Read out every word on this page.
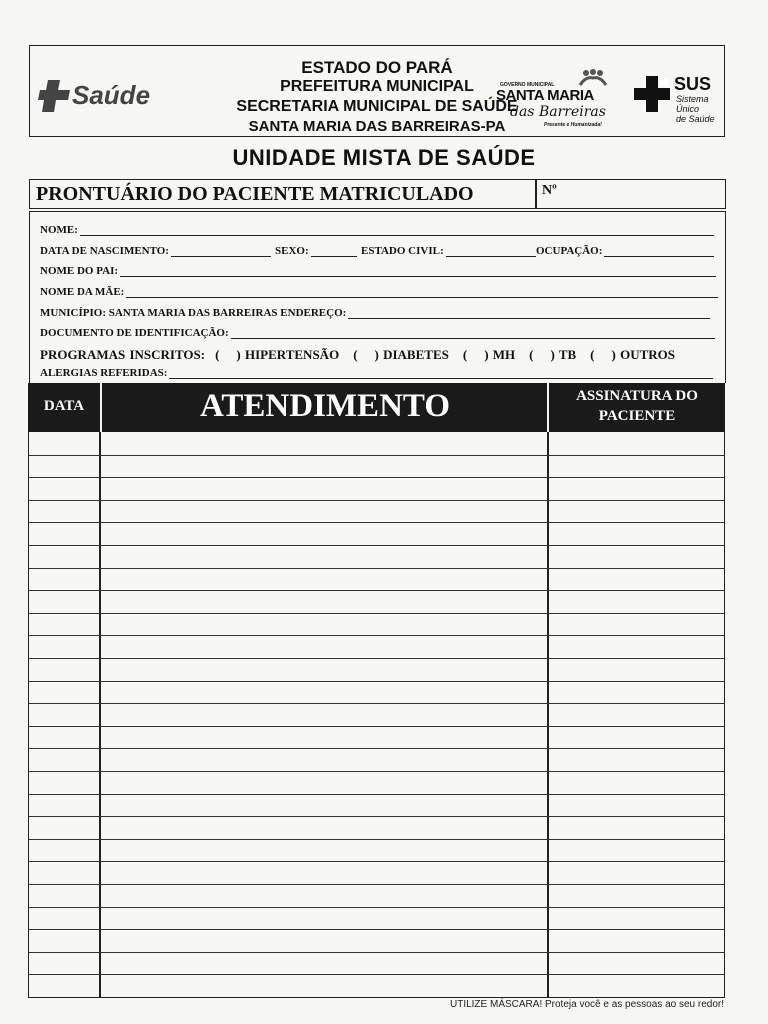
Saúde
ESTADO DO PARÁ
PREFEITURA MUNICIPAL
SECRETARIA MUNICIPAL DE SAÚDE
SANTA MARIA DAS BARREIRAS-PA
GOVERNO MUNICIPAL
SANTA MARIA
das Barreiras
Presente e Humanizada!
SUS
Sistema
Único
de Saúde
UNIDADE MISTA DE SAÚDE
PRONTUÁRIO DO PACIENTE MATRICULADO	Nº
NOME:
DATA DE NASCIMENTO:	SEXO:	ESTADO CIVIL:	OCUPAÇÃO:
NOME DO PAI:
NOME DA MÃE:
MUNICÍPIO: SANTA MARIA DAS BARREIRAS ENDEREÇO:
DOCUMENTO DE IDENTIFICAÇÃO:
PROGRAMAS INSCRITOS: (    ) HIPERTENSÃO (    ) DIABETES (    ) MH (    ) TB (    ) OUTROS
ALERGIAS REFERIDAS:
DATA	ATENDIMENTO	ASSINATURA DO
PACIENTE
UTILIZE MÁSCARA! Proteja você e as pessoas ao seu redor!
